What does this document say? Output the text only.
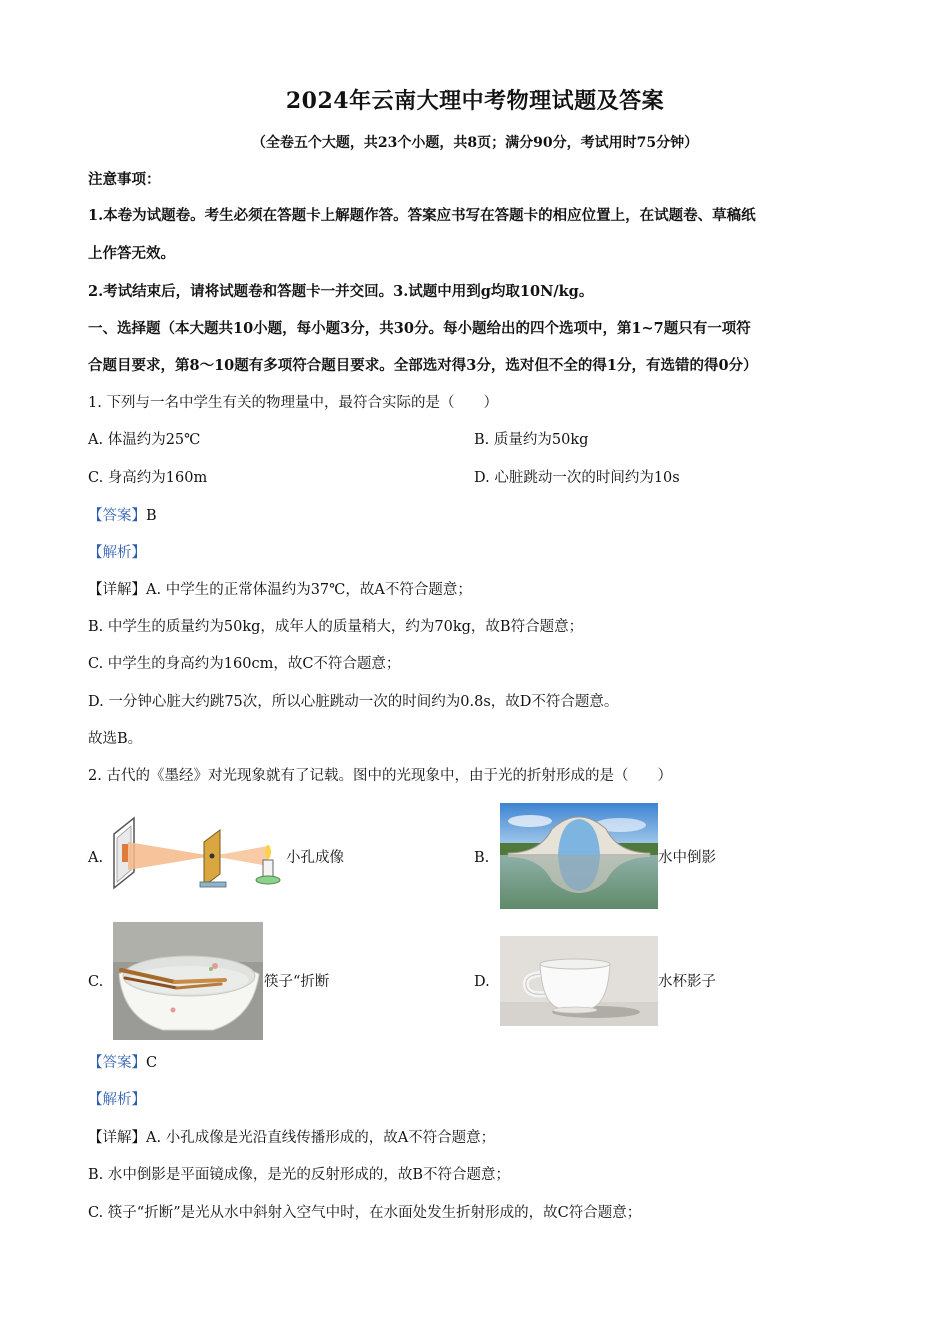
2024年云南大理中考物理试题及答案
（全卷五个大题，共23个小题，共8页；满分90分，考试用时75分钟）
注意事项：
1.本卷为试题卷。考生必须在答题卡上解题作答。答案应书写在答题卡的相应位置上，在试题卷、草稿纸
上作答无效。
2.考试结束后，请将试题卷和答题卡一并交回。3.试题中用到g均取10N/kg。
一、选择题（本大题共10小题，每小题3分，共30分。每小题给出的四个选项中，第1~7题只有一项符
合题目要求，第8～10题有多项符合题目要求。全部选对得3分，选对但不全的得1分，有选错的得0分）
1. 下列与一名中学生有关的物理量中，最符合实际的是（　　）
A. 体温约为25℃	B. 质量约为50kg
C. 身高约为160m	D. 心脏跳动一次的时间约为10s
【答案】B
【解析】
【详解】A. 中学生的正常体温约为37℃，故A不符合题意；
B. 中学生的质量约为50kg，成年人的质量稍大，约为70kg，故B符合题意；
C. 中学生的身高约为160cm，故C不符合题意；
D. 一分钟心脏大约跳75次，所以心脏跳动一次的时间约为0.8s，故D不符合题意。
故选B。
2. 古代的《墨经》对光现象就有了记载。图中的光现象中，由于光的折射形成的是（　　）
A.	小孔成像	B.	水中倒影
C.	筷子“折断	D.	水杯影子
【答案】C
【解析】
【详解】A. 小孔成像是光沿直线传播形成的，故A不符合题意；
B. 水中倒影是平面镜成像，是光的反射形成的，故B不符合题意；
C. 筷子“折断”是光从水中斜射入空气中时，在水面处发生折射形成的，故C符合题意；
